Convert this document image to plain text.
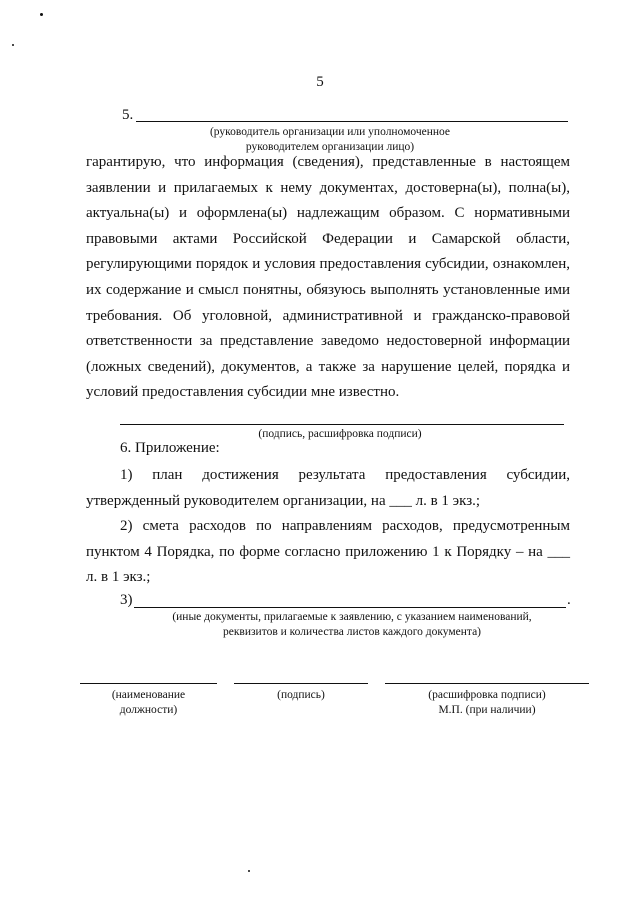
5
5.
(руководитель организации или уполномоченное
руководителем организации лицо)
гарантирую, что информация (сведения), представленные в настоящем заявлении и прилагаемых к нему документах, достоверна(ы), полна(ы), актуальна(ы) и оформлена(ы) надлежащим образом. С нормативными правовыми актами Российской Федерации и Самарской области, регулирующими порядок и условия предоставления субсидии, ознакомлен, их содержание и смысл понятны, обязуюсь выполнять установленные ими требования. Об уголовной, административной и гражданско-правовой ответственности за представление заведомо недостоверной информации (ложных сведений), документов, а также за нарушение целей, порядка и условий предоставления субсидии мне известно.
(подпись, расшифровка подписи)
6. Приложение:
1) план достижения результата предоставления субсидии, утвержденный руководителем организации, на ___ л. в 1 экз.;
2) смета расходов по направлениям расходов, предусмотренным пунктом 4 Порядка, по форме согласно приложению 1 к Порядку – на ___ л. в 1 экз.;
3)	.
(иные документы, прилагаемые к заявлению, с указанием наименований,
реквизитов и количества листов каждого документа)
(наименование
должности)
(подпись)	(расшифровка подписи)
М.П. (при наличии)
